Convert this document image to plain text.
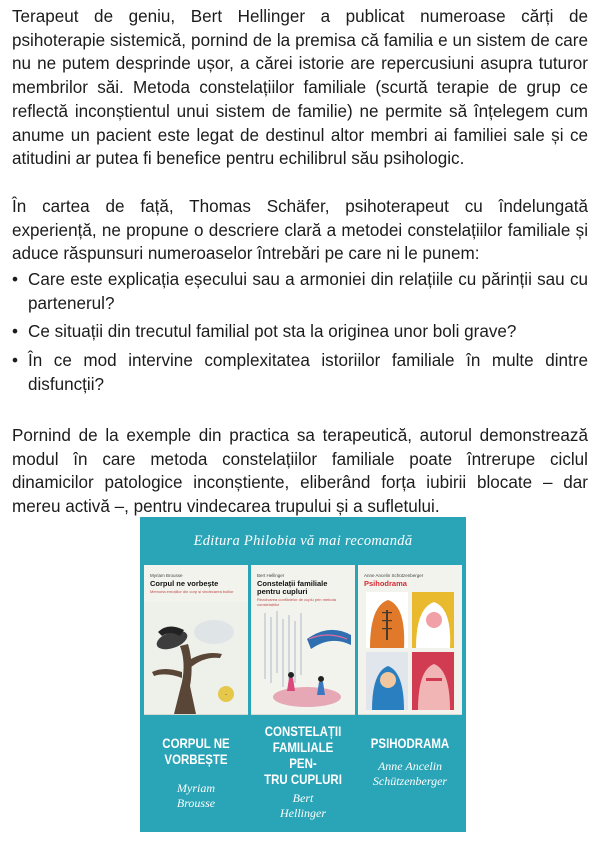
Terapeut de geniu, Bert Hellinger a publicat numeroase cărți de psihoterapie sistemică, pornind de la premisa că familia e un sistem de care nu ne putem desprinde ușor, a cărei istorie are repercusiuni asupra tuturor membrilor săi. Metoda constelațiilor familiale (scurtă terapie de grup ce reflectă inconștientul unui sistem de familie) ne permite să înțelegem cum anume un pacient este legat de destinul altor membri ai familiei sale și ce atitudini ar putea fi benefice pentru echilibrul său psihologic.

• Care este explicația eșecului sau a armoniei din relațiile cu părinții sau cu partenerul?
• Ce situații din trecutul familial pot sta la originea unor boli grave?
• În ce mod intervine complexitatea istoriilor familiale în multe dintre disfuncții?

În cartea de față, Thomas Schäfer, psihoterapeut cu îndelungată experiență, ne propune o descriere clară a metodei constelațiilor familiale și aduce răspunsuri numeroaselor întrebări pe care ni le punem:

Pornind de la exemple din practica sa terapeutică, autorul demonstrează modul în care metoda constelațiilor familiale poate întrerupe ciclul dinamicilor patologice inconștiente, eliberând forța iubirii blocate – dar mereu activă –, pentru vindecarea trupului și a sufletului.

Editura Philobia vă mai recomandă
Myriam Brousse
Corpul ne vorbește
Memoria emoțiilor din corp și vindecarea bolilor
•
CORPUL NE
VORBEȘTE
Myriam
Brousse
Bert Hellinger
Constelații familiale pentru cupluri
Rezolvarea conflictelor de cuplu prin metoda constelațiilor
CONSTELAȚII
FAMILIALE PEN-
TRU CUPLURI
Bert
Hellinger
Anne Ancelin Schützenberger
Psihodrama
PSIHODRAMA
Anne Ancelin
Schützenberger
